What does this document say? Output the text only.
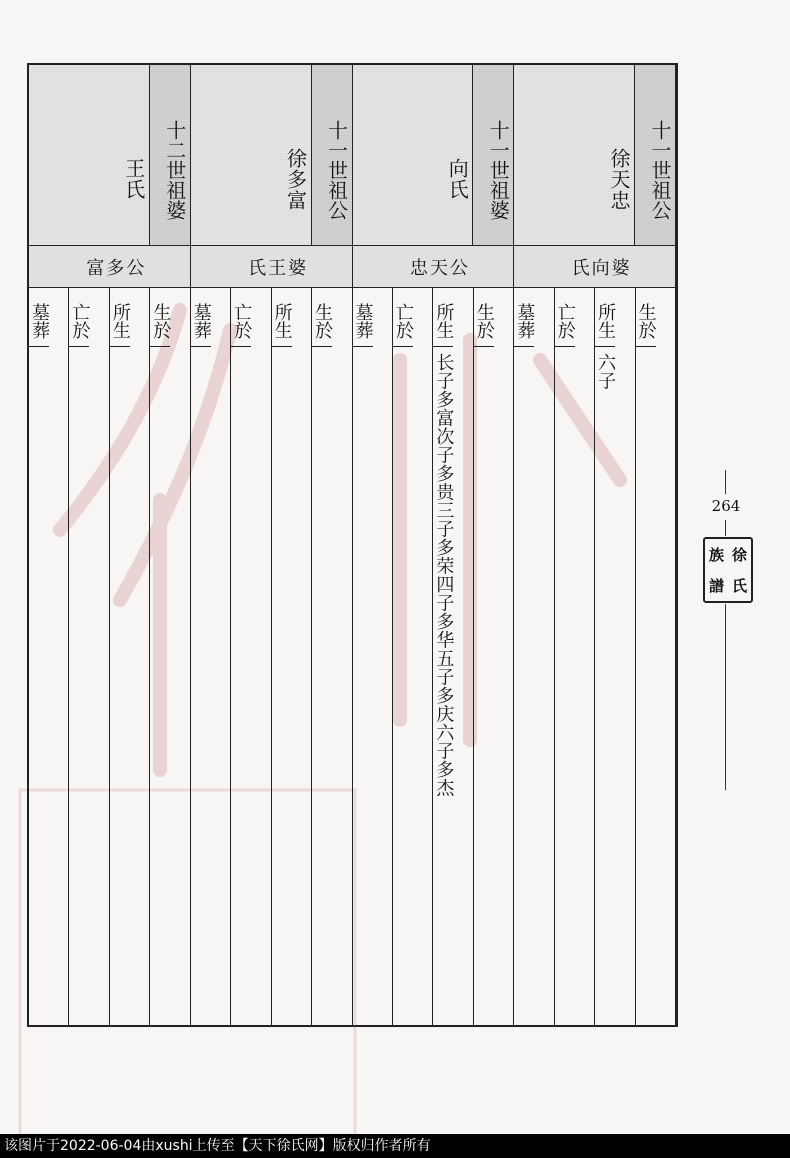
十一世祖公
徐天忠
氏向婆
生於
所生
六子
亡於
墓葬
十一世祖婆
向氏
忠天公
生於
所生
长子多富次子多贵三子多荣四子多华五子多庆六子多杰
亡於
墓葬
十一世祖公
徐多富
氏王婆
生於
所生
亡於
墓葬
十二世祖婆
王氏
富多公
生於
所生
亡於
墓葬
264
族 徐
譜 氏
该图片于2022-06-04由xushi上传至【天下徐氏网】版权归作者所有
